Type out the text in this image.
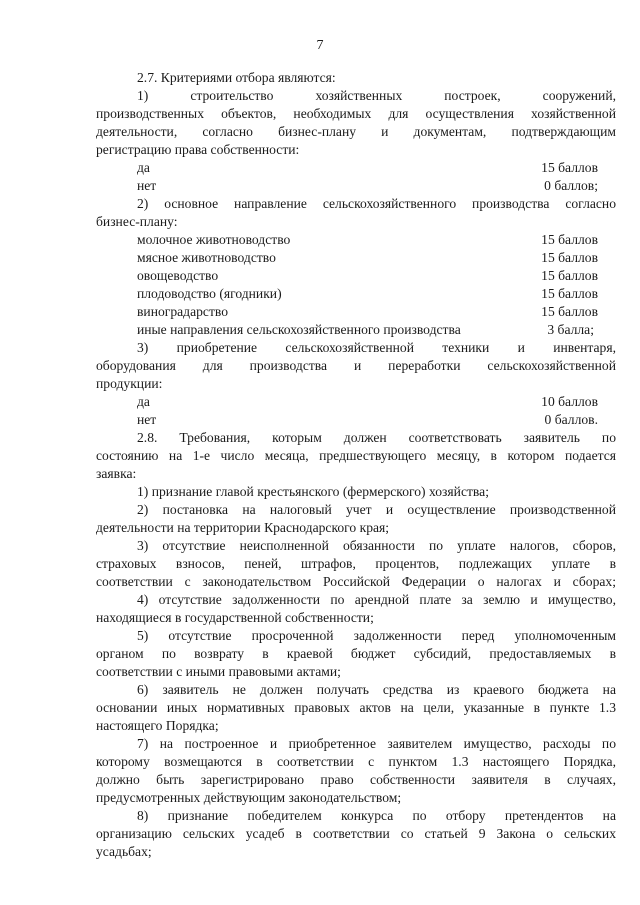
7
2.7. Критериями отбора являются:
1) строительство хозяйственных построек, сооружений,
производственных объектов, необходимых для осуществления хозяйственной
деятельности, согласно бизнес-плану и документам, подтверждающим
регистрацию права собственности:
да	15 баллов
нет	0 баллов;
2) основное направление сельскохозяйственного производства согласно
бизнес-плану:
молочное животноводство	15 баллов
мясное животноводство	15 баллов
овощеводство	15 баллов
плодоводство (ягодники)	15 баллов
виноградарство	15 баллов
иные направления сельскохозяйственного производства	3 балла;
3) приобретение сельскохозяйственной техники и инвентаря,
оборудования для производства и переработки сельскохозяйственной
продукции:
да	10 баллов
нет	0 баллов.
2.8. Требования, которым должен соответствовать заявитель по
состоянию на 1-е число месяца, предшествующего месяцу, в котором подается
заявка:
1) признание главой крестьянского (фермерского) хозяйства;
2) постановка на налоговый учет и осуществление производственной
деятельности на территории Краснодарского края;
3) отсутствие неисполненной обязанности по уплате налогов, сборов,
страховых взносов, пеней, штрафов, процентов, подлежащих уплате в
соответствии с законодательством Российской Федерации о налогах и сборах;
4) отсутствие задолженности по арендной плате за землю и имущество,
находящиеся в государственной собственности;
5) отсутствие просроченной задолженности перед уполномоченным
органом по возврату в краевой бюджет субсидий, предоставляемых в
соответствии с иными правовыми актами;
6) заявитель не должен получать средства из краевого бюджета на
основании иных нормативных правовых актов на цели, указанные в пункте 1.3
настоящего Порядка;
7) на построенное и приобретенное заявителем имущество, расходы по
которому возмещаются в соответствии с пунктом 1.3 настоящего Порядка,
должно быть зарегистрировано право собственности заявителя в случаях,
предусмотренных действующим законодательством;
8) признание победителем конкурса по отбору претендентов на
организацию сельских усадеб в соответствии со статьей 9 Закона о сельских
усадьбах;
